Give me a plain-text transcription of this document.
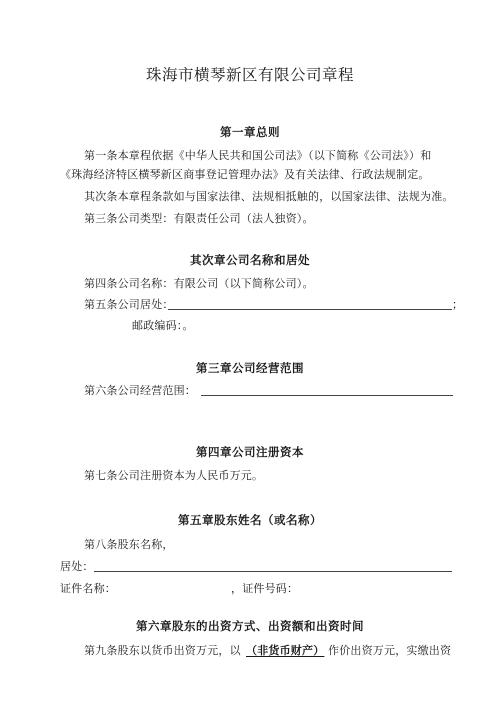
珠海市横琴新区有限公司章程
第一章总则
第一条本章程依据《中华人民共和国公司法》（以下简称《公司法》）和
《珠海经济特区横琴新区商事登记管理办法》及有关法律、行政法规制定。
其次条本章程条款如与国家法律、法规相抵触的，以国家法律、法规为准。
第三条公司类型：有限责任公司（法人独资）。
其次章公司名称和居处
第四条公司名称：有限公司（以下简称公司）。
第五条公司居处：	；
邮政编码：。
第三章公司经营范围
第六条公司经营范围：
第四章公司注册资本
第七条公司注册资本为人民币万元。
第五章股东姓名（或名称）
第八条股东名称，
居处：
证件名称：	，证件号码：
第六章股东的出资方式、出资额和出资时间
第九条股东以货币出资万元，以 （非货币财产） 作价出资万元，实缴出资
